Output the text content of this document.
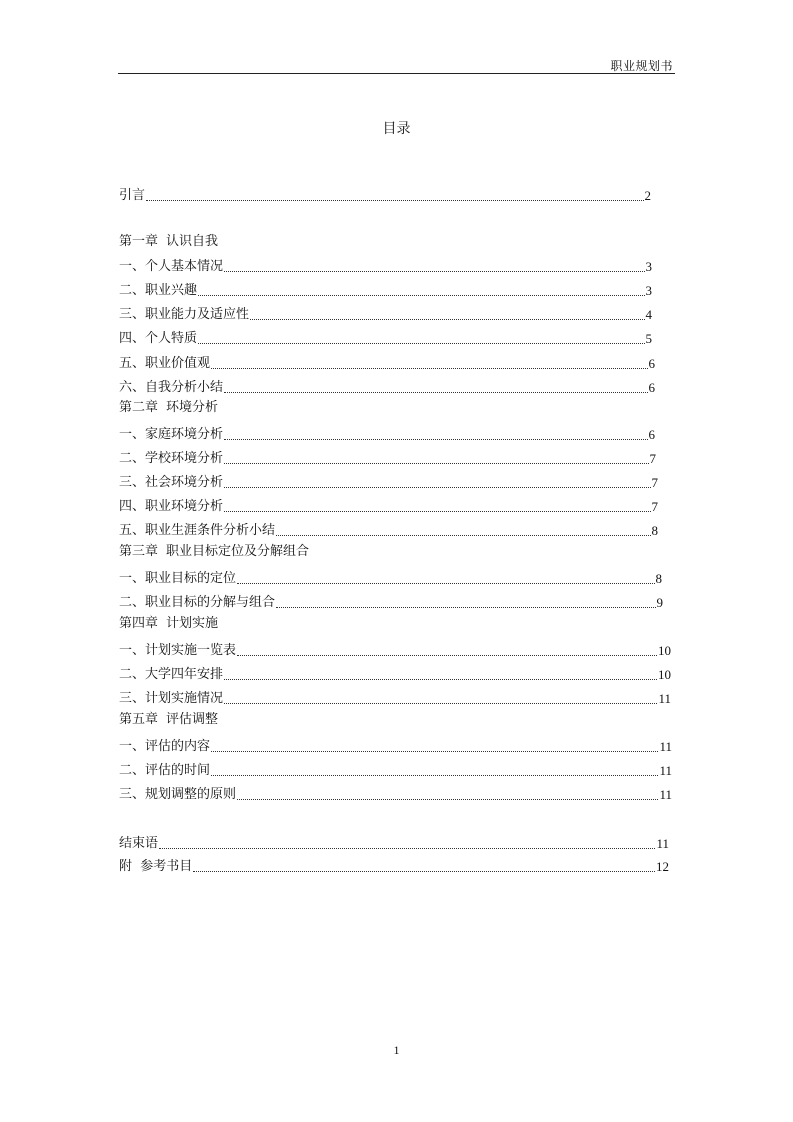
职业规划书
目录
引言	2
第一章 认识自我
一、个人基本情况	3
二、职业兴趣	3
三、职业能力及适应性	4
四、个人特质	5
五、职业价值观	6
六、自我分析小结	6
第二章 环境分析
一、家庭环境分析	6
二、学校环境分析	7
三、社会环境分析	7
四、职业环境分析	7
五、职业生涯条件分析小结	8
第三章 职业目标定位及分解组合
一、职业目标的定位	8
二、职业目标的分解与组合	9
第四章 计划实施
一、计划实施一览表	10
二、大学四年安排	10
三、计划实施情况	11
第五章 评估调整
一、评估的内容	11
二、评估的时间	11
三、规划调整的原则	11
结束语	11
附  参考书目	12
1
